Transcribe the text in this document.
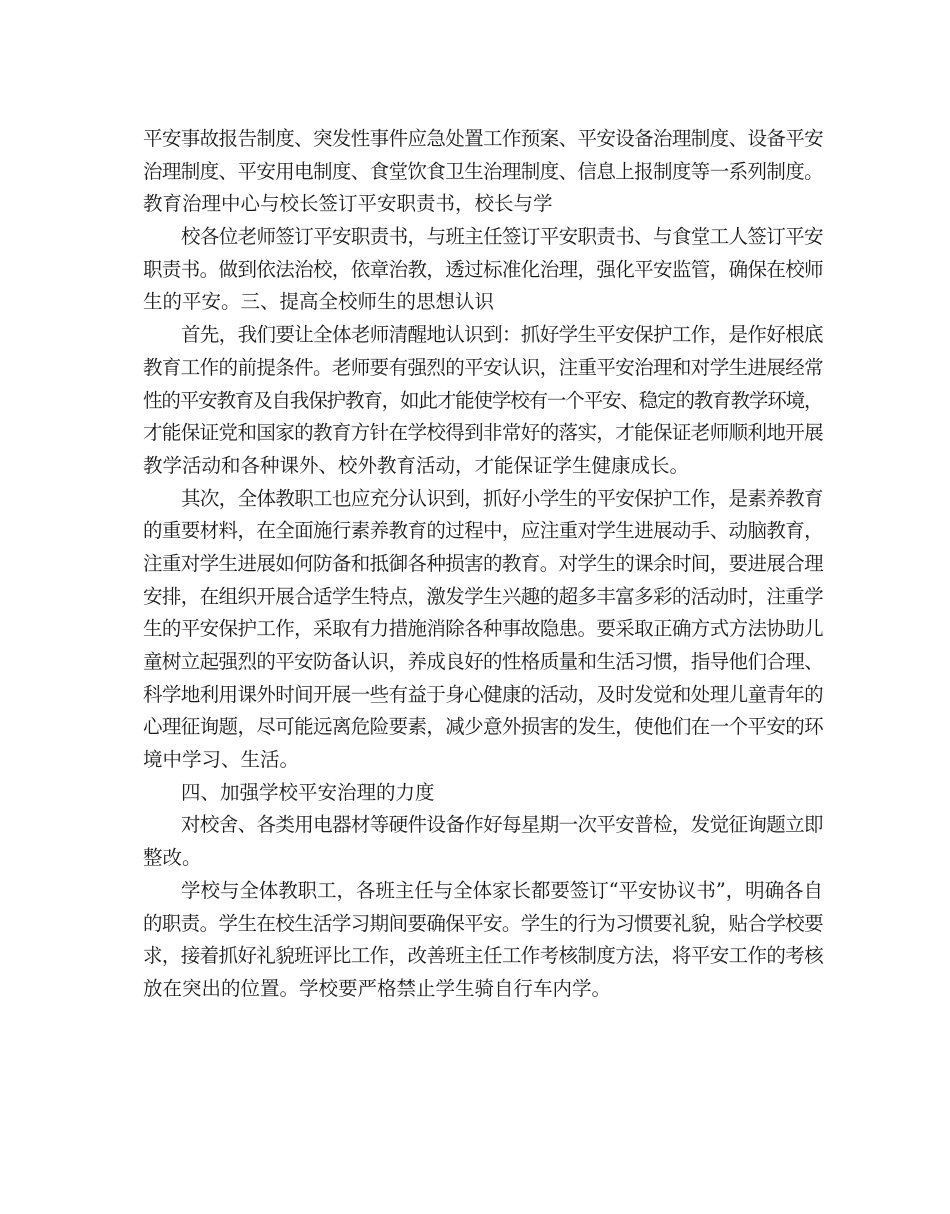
平安事故报告制度、突发性事件应急处置工作预案、平安设备治理制度、设备平安
治理制度、平安用电制度、食堂饮食卫生治理制度、信息上报制度等一系列制度。
教育治理中心与校长签订平安职责书，校长与学
校各位老师签订平安职责书，与班主任签订平安职责书、与食堂工人签订平安
职责书。做到依法治校，依章治教，透过标准化治理，强化平安监管，确保在校师
生的平安。三、提高全校师生的思想认识
首先，我们要让全体老师清醒地认识到：抓好学生平安保护工作，是作好根底
教育工作的前提条件。老师要有强烈的平安认识，注重平安治理和对学生进展经常
性的平安教育及自我保护教育，如此才能使学校有一个平安、稳定的教育教学环境，
才能保证党和国家的教育方针在学校得到非常好的落实，才能保证老师顺利地开展
教学活动和各种课外、校外教育活动，才能保证学生健康成长。
其次，全体教职工也应充分认识到，抓好小学生的平安保护工作，是素养教育
的重要材料，在全面施行素养教育的过程中，应注重对学生进展动手、动脑教育，
注重对学生进展如何防备和抵御各种损害的教育。对学生的课余时间，要进展合理
安排，在组织开展合适学生特点，激发学生兴趣的超多丰富多彩的活动时，注重学
生的平安保护工作，采取有力措施消除各种事故隐患。要采取正确方式方法协助儿
童树立起强烈的平安防备认识，养成良好的性格质量和生活习惯，指导他们合理、
科学地利用课外时间开展一些有益于身心健康的活动，及时发觉和处理儿童青年的
心理征询题，尽可能远离危险要素，减少意外损害的发生，使他们在一个平安的环
境中学习、生活。
四、加强学校平安治理的力度
对校舍、各类用电器材等硬件设备作好每星期一次平安普检，发觉征询题立即
整改。
学校与全体教职工，各班主任与全体家长都要签订“平安协议书”，明确各自
的职责。学生在校生活学习期间要确保平安。学生的行为习惯要礼貌，贴合学校要
求，接着抓好礼貌班评比工作，改善班主任工作考核制度方法，将平安工作的考核
放在突出的位置。学校要严格禁止学生骑自行车内学。
